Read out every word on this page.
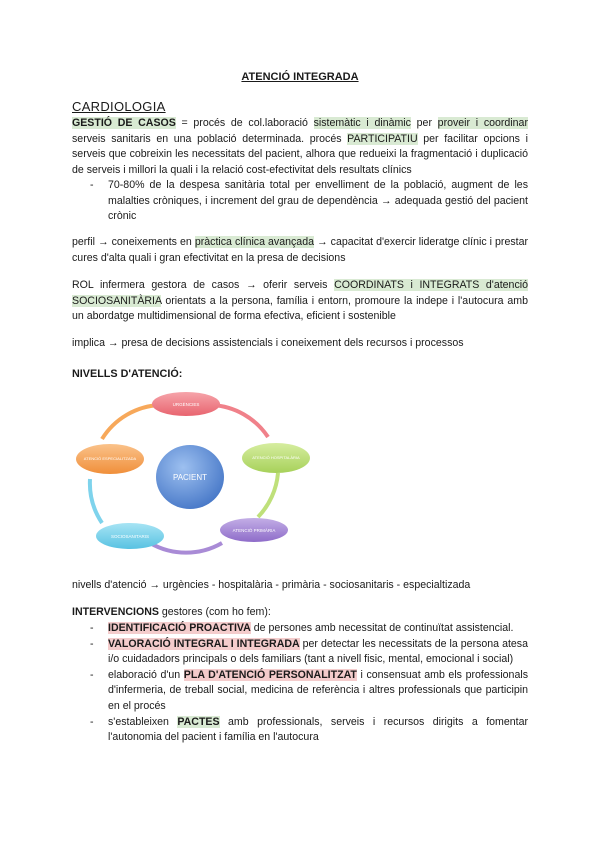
ATENCIÓ INTEGRADA
CARDIOLOGIA
GESTIÓ DE CASOS = procés de col.laboració sistemàtic i dinàmic per proveir i coordinar serveis sanitaris en una població determinada. procés PARTICIPATIU per facilitar opcions i serveis que cobreixin les necessitats del pacient, alhora que redueixi la fragmentació i duplicació de serveis i millori la quali i la relació cost-efectivitat dels resultats clínics
- 70-80% de la despesa sanitària total per envelliment de la població, augment de les malalties cròniques, i increment del grau de dependència → adequada gestió del pacient crònic
perfil → coneixements en pràctica clínica avançada → capacitat d'exercir lideratge clínic i prestar cures d'alta quali i gran efectivitat en la presa de decisions
ROL infermera gestora de casos → oferir serveis COORDINATS i INTEGRATS d'atenció SOCIOSANITÀRIA orientats a la persona, família i entorn, promoure la indepe i l'autocura amb un abordatge multidimensional de forma efectiva, eficient i sostenible
implica → presa de decisions assistencials i coneixement dels recursos i processos
NIVELLS D'ATENCIÓ:
PACIENT
URGÈNCIES
ATENCIÓ HOSPITALÀRIA
ATENCIÓ PRIMÀRIA
SOCIOSANITARIS
ATENCIÓ ESPECIALITZADA
nivells d'atenció → urgències - hospitalària - primària - sociosanitaris - especialtizada
INTERVENCIONS gestores (com ho fem):
- IDENTIFICACIÓ PROACTIVA de persones amb necessitat de continuïtat assistencial.
- VALORACIÓ INTEGRAL I INTEGRADA per detectar les necessitats de la persona atesa i/o cuidadadors principals o dels familiars (tant a nivell fisic, mental, emocional i social)
- elaboració d'un PLA D'ATENCIÓ PERSONALITZAT i consensuat amb els professionals d'infermeria, de treball social, medicina de referència i altres professionals que participin en el procés
- s'estableixen PACTES amb professionals, serveis i recursos dirigits a fomentar l'autonomia del pacient i família en l'autocura
